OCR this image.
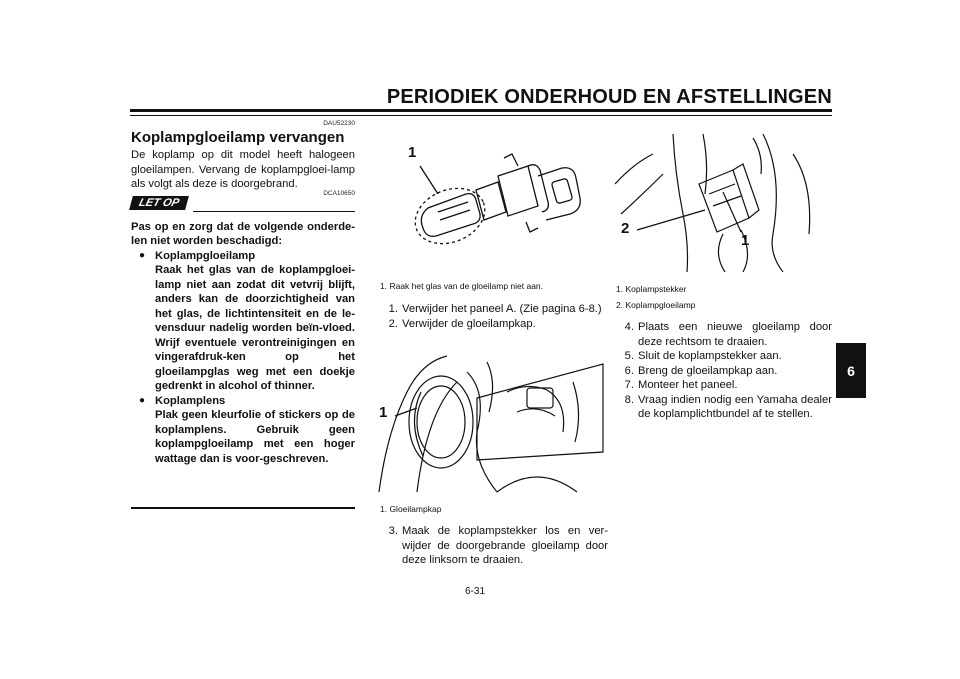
PERIODIEK ONDERHOUD EN AFSTELLINGEN
6
DAU52230
Koplampgloeilamp vervangen
De koplamp op dit model heeft halogeen gloeilampen. Vervang de koplampgloei-lamp als volgt als deze is doorgebrand.
LET OP
DCA10650
Pas op en zorg dat de volgende onderde-len niet worden beschadigd:
● Koplampgloeilamp
Raak het glas van de koplampgloei-lamp niet aan zodat dit vetvrij blijft, anders kan de doorzichtigheid van het glas, de lichtintensiteit en de le-vensduur nadelig worden beïn-vloed. Wrijf eventuele verontreinigingen en vingerafdruk-ken op het gloeilampglas weg met een doekje gedrenkt in alcohol of thinner.
● Koplamplens
Plak geen kleurfolie of stickers op de koplamplens. Gebruik geen koplampgloeilamp met een hoger wattage dan is voor-geschreven.
1
1. Raak het glas van de gloeilamp niet aan.
1. Verwijder het paneel A. (Zie pagina 6-8.)
2. Verwijder de gloeilampkap.
1
1. Gloeilampkap
3. Maak de koplampstekker los en ver-wijder de doorgebrande gloeilamp door deze linksom te draaien.
2
1
1. Koplampstekker
2. Koplampgloeilamp
4. Plaats een nieuwe gloeilamp door deze rechtsom te draaien.
5. Sluit de koplampstekker aan.
6. Breng de gloeilampkap aan.
7. Monteer het paneel.
8. Vraag indien nodig een Yamaha dealer de koplamplichtbundel af te stellen.
6-31
